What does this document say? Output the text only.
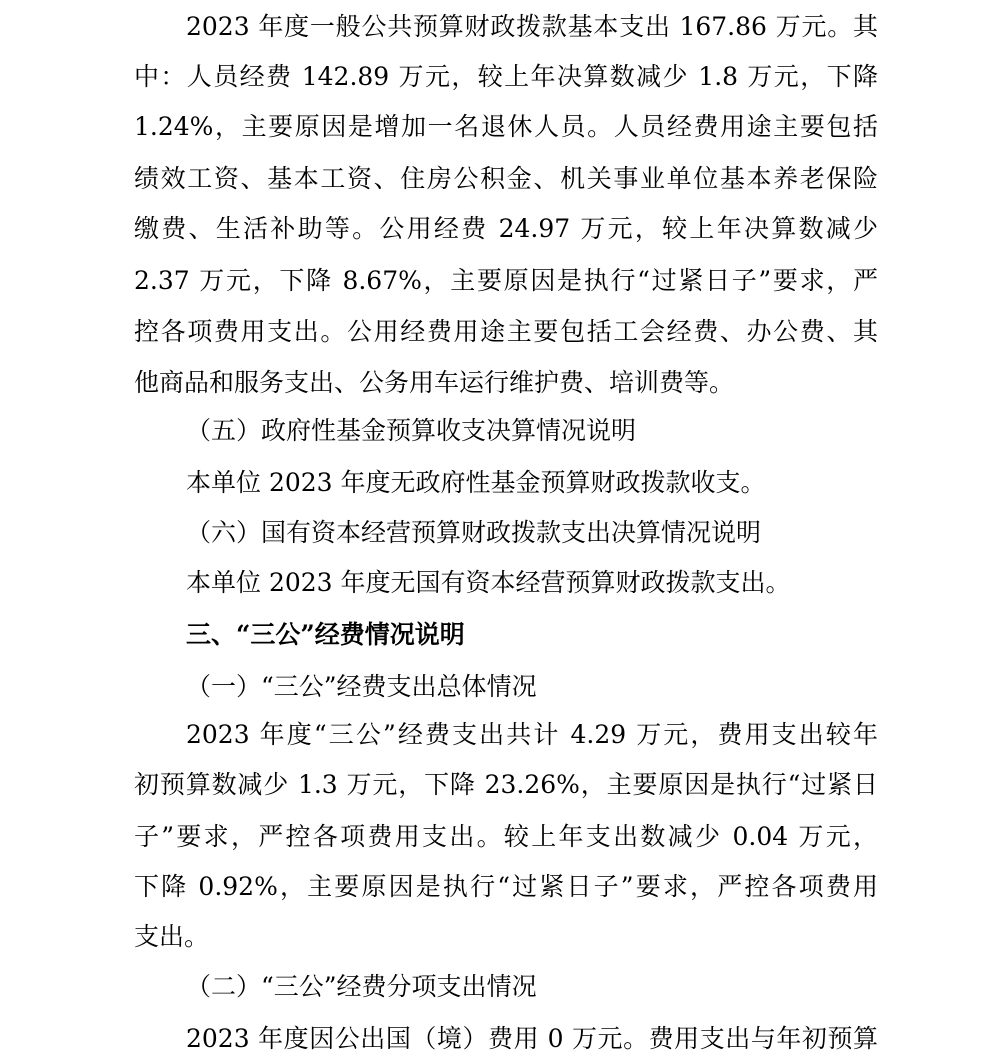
2023 年度一般公共预算财政拨款基本支出 167.86 万元。其
中：人员经费 142.89 万元，较上年决算数减少 1.8 万元，下降
1.24%，主要原因是增加一名退休人员。人员经费用途主要包括
绩效工资、基本工资、住房公积金、机关事业单位基本养老保险
缴费、生活补助等。公用经费 24.97 万元，较上年决算数减少
2.37 万元，下降 8.67%，主要原因是执行“过紧日子”要求，严
控各项费用支出。公用经费用途主要包括工会经费、办公费、其
他商品和服务支出、公务用车运行维护费、培训费等。
（五）政府性基金预算收支决算情况说明
本单位 2023 年度无政府性基金预算财政拨款收支。
（六）国有资本经营预算财政拨款支出决算情况说明
本单位 2023 年度无国有资本经营预算财政拨款支出。
三、“三公”经费情况说明
（一）“三公”经费支出总体情况
2023 年度“三公”经费支出共计 4.29 万元，费用支出较年
初预算数减少 1.3 万元，下降 23.26%，主要原因是执行“过紧日
子”要求，严控各项费用支出。较上年支出数减少 0.04 万元，
下降 0.92%，主要原因是执行“过紧日子”要求，严控各项费用
支出。
（二）“三公”经费分项支出情况
2023 年度因公出国（境）费用 0 万元。费用支出与年初预算
